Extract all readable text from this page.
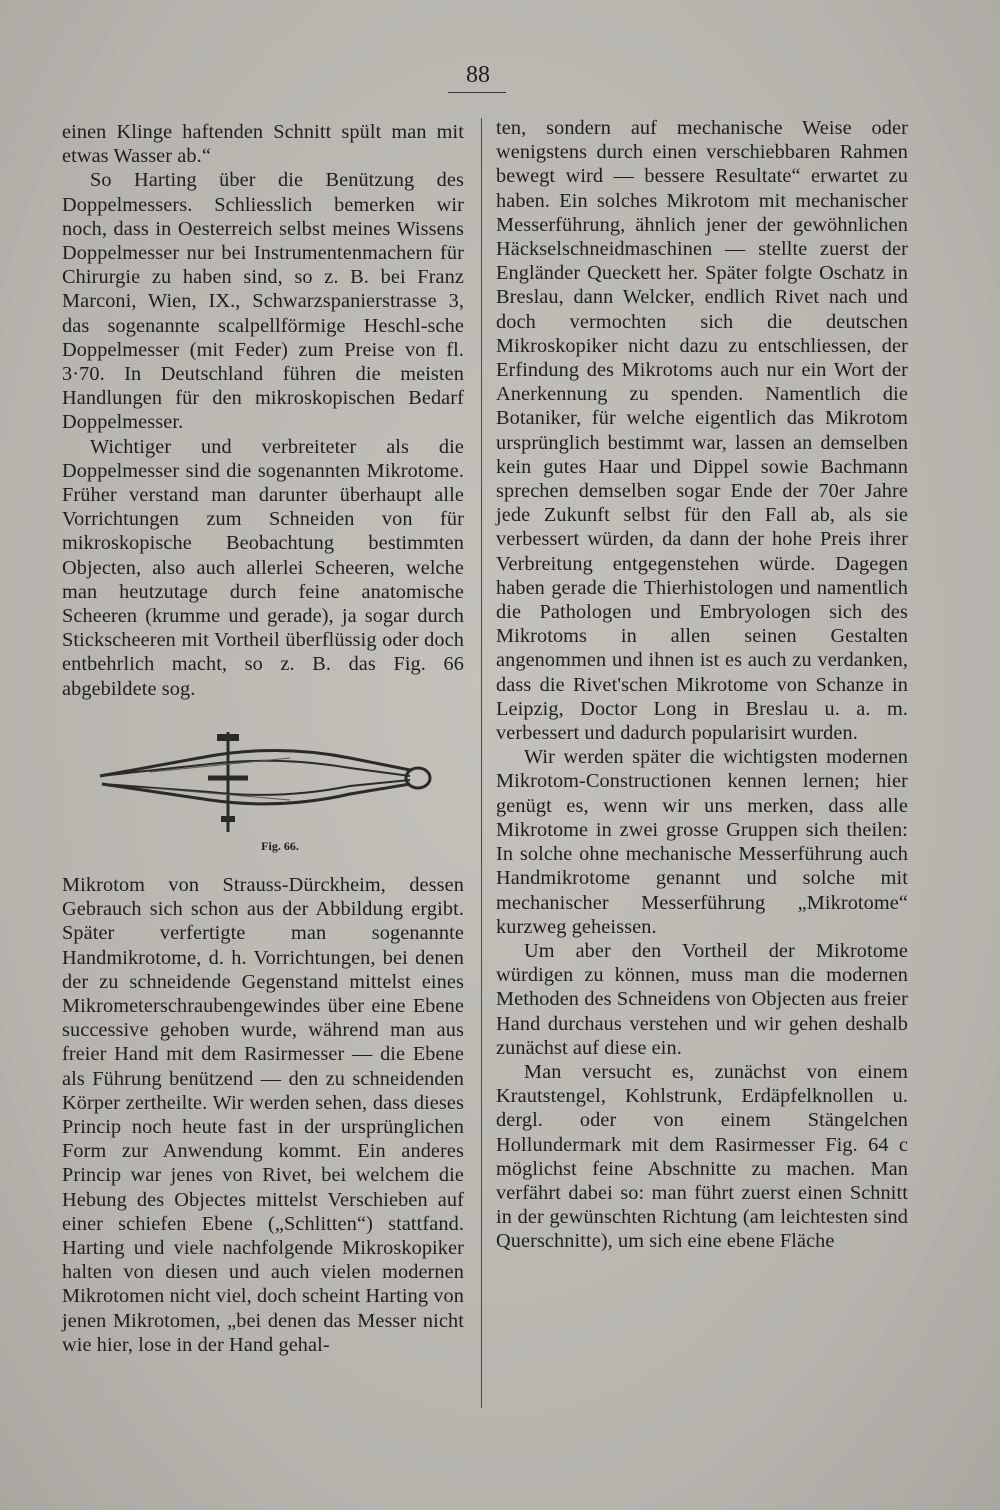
88

einen Klinge haftenden Schnitt spült man mit etwas Wasser ab.“

So Harting über die Benützung des Doppelmessers. Schliesslich bemerken wir noch, dass in Oesterreich selbst meines Wissens Doppelmesser nur bei Instrumentenmachern für Chirurgie zu haben sind, so z. B. bei Franz Marconi, Wien, IX., Schwarzspanierstrasse 3, das sogenannte scalpellförmige Heschl-sche Doppelmesser (mit Feder) zum Preise von fl. 3·70. In Deutschland führen die meisten Handlungen für den mikroskopischen Bedarf Doppelmesser.

Wichtiger und verbreiteter als die Doppelmesser sind die sogenannten Mikrotome. Früher verstand man darunter überhaupt alle Vorrichtungen zum Schneiden von für mikroskopische Beobachtung bestimmten Objecten, also auch allerlei Scheeren, welche man heutzutage durch feine anatomische Scheeren (krumme und gerade), ja sogar durch Stickscheeren mit Vortheil überflüssig oder doch entbehrlich macht, so z. B. das Fig. 66 abgebildete sog.

Fig. 66.

Mikrotom von Strauss-Dürckheim, dessen Gebrauch sich schon aus der Abbildung ergibt. Später verfertigte man sogenannte Handmikrotome, d. h. Vorrichtungen, bei denen der zu schneidende Gegenstand mittelst eines Mikrometerschraubengewindes über eine Ebene successive gehoben wurde, während man aus freier Hand mit dem Rasirmesser — die Ebene als Führung benützend — den zu schneidenden Körper zertheilte. Wir werden sehen, dass dieses Princip noch heute fast in der ursprünglichen Form zur Anwendung kommt. Ein anderes Princip war jenes von Rivet, bei welchem die Hebung des Objectes mittelst Verschieben auf einer schiefen Ebene („Schlitten“) stattfand. Harting und viele nachfolgende Mikroskopiker halten von diesen und auch vielen modernen Mikrotomen nicht viel, doch scheint Harting von jenen Mikrotomen, „bei denen das Messer nicht wie hier, lose in der Hand gehal-

ten, sondern auf mechanische Weise oder wenigstens durch einen verschiebbaren Rahmen bewegt wird — bessere Resultate“ erwartet zu haben. Ein solches Mikrotom mit mechanischer Messerführung, ähnlich jener der gewöhnlichen Häckselschneidmaschinen — stellte zuerst der Engländer Queckett her. Später folgte Oschatz in Breslau, dann Welcker, endlich Rivet nach und doch vermochten sich die deutschen Mikroskopiker nicht dazu zu entschliessen, der Erfindung des Mikrotoms auch nur ein Wort der Anerkennung zu spenden. Namentlich die Botaniker, für welche eigentlich das Mikrotom ursprünglich bestimmt war, lassen an demselben kein gutes Haar und Dippel sowie Bachmann sprechen demselben sogar Ende der 70er Jahre jede Zukunft selbst für den Fall ab, als sie verbessert würden, da dann der hohe Preis ihrer Verbreitung entgegenstehen würde. Dagegen haben gerade die Thierhistologen und namentlich die Pathologen und Embryologen sich des Mikrotoms in allen seinen Gestalten angenommen und ihnen ist es auch zu verdanken, dass die Rivet'schen Mikrotome von Schanze in Leipzig, Doctor Long in Breslau u. a. m. verbessert und dadurch popularisirt wurden.

Wir werden später die wichtigsten modernen Mikrotom-Constructionen kennen lernen; hier genügt es, wenn wir uns merken, dass alle Mikrotome in zwei grosse Gruppen sich theilen: In solche ohne mechanische Messerführung auch Handmikrotome genannt und solche mit mechanischer Messerführung „Mikrotome“ kurzweg geheissen.

Um aber den Vortheil der Mikrotome würdigen zu können, muss man die modernen Methoden des Schneidens von Objecten aus freier Hand durchaus verstehen und wir gehen deshalb zunächst auf diese ein.

Man versucht es, zunächst von einem Krautstengel, Kohlstrunk, Erdäpfelknollen u. dergl. oder von einem Stängelchen Hollundermark mit dem Rasirmesser Fig. 64 c möglichst feine Abschnitte zu machen. Man verfährt dabei so: man führt zuerst einen Schnitt in der gewünschten Richtung (am leichtesten sind Querschnitte), um sich eine ebene Fläche
